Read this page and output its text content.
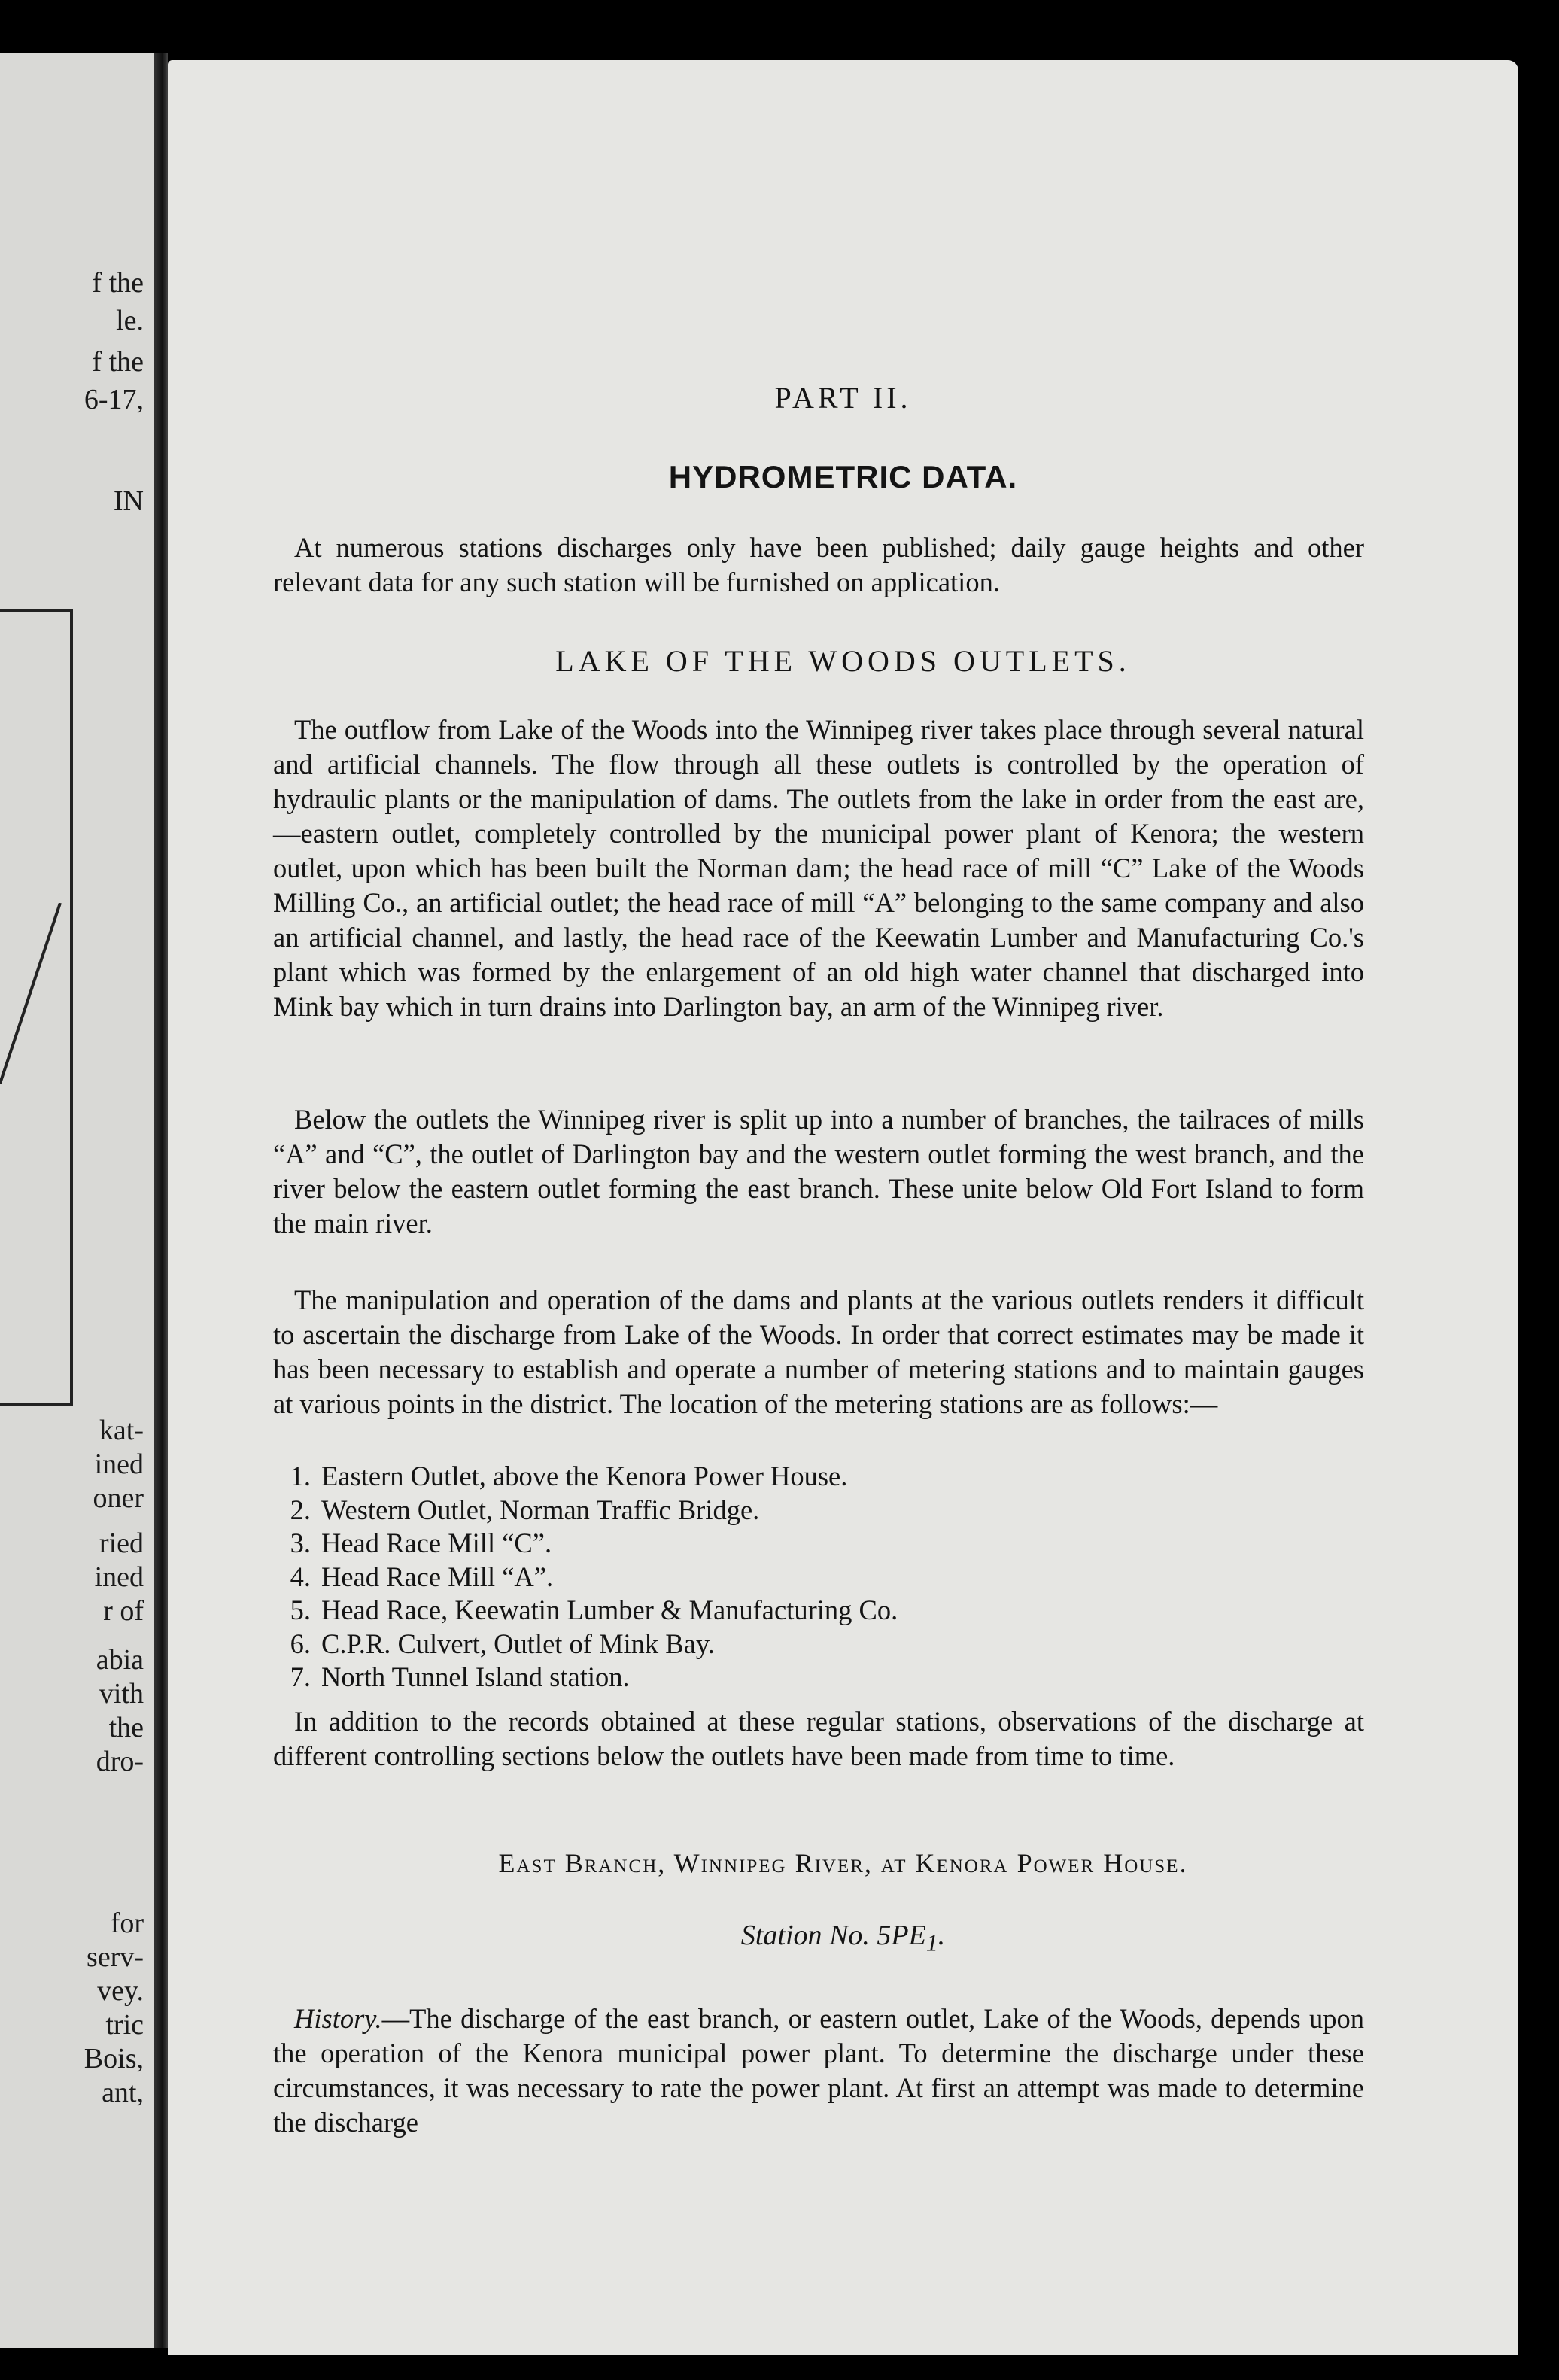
f the
le.
f the
6-17,
IN
kat-
ined
oner
ried
ined
r of
abia
vith
the
dro-
for
serv-
vey.
tric
Bois,
ant,
PART II.
HYDROMETRIC DATA.

At numerous stations discharges only have been published; daily gauge heights and other relevant data for any such station will be furnished on application.

LAKE OF THE WOODS OUTLETS.

The outflow from Lake of the Woods into the Winnipeg river takes place through several natural and artificial channels. The flow through all these outlets is controlled by the operation of hydraulic plants or the manipulation of dams. The outlets from the lake in order from the east are,—eastern outlet, completely controlled by the municipal power plant of Kenora; the western outlet, upon which has been built the Norman dam; the head race of mill “C” Lake of the Woods Milling Co., an artificial outlet; the head race of mill “A” belonging to the same company and also an artificial channel, and lastly, the head race of the Keewatin Lumber and Manufacturing Co.'s plant which was formed by the enlargement of an old high water channel that discharged into Mink bay which in turn drains into Darlington bay, an arm of the Winnipeg river.

Below the outlets the Winnipeg river is split up into a number of branches, the tailraces of mills “A” and “C”, the outlet of Darlington bay and the western outlet forming the west branch, and the river below the eastern outlet forming the east branch. These unite below Old Fort Island to form the main river.

The manipulation and operation of the dams and plants at the various outlets renders it difficult to ascertain the discharge from Lake of the Woods. In order that correct estimates may be made it has been necessary to establish and operate a number of metering stations and to maintain gauges at various points in the district. The location of the metering stations are as follows:—

1. Eastern Outlet, above the Kenora Power House.
2. Western Outlet, Norman Traffic Bridge.
3. Head Race Mill “C”.
4. Head Race Mill “A”.
5. Head Race, Keewatin Lumber & Manufacturing Co.
6. C.P.R. Culvert, Outlet of Mink Bay.
7. North Tunnel Island station.

In addition to the records obtained at these regular stations, observations of the discharge at different controlling sections below the outlets have been made from time to time.

East Branch, Winnipeg River, at Kenora Power House.
Station No. $5PE_1$.

History.—The discharge of the east branch, or eastern outlet, Lake of the Woods, depends upon the operation of the Kenora municipal power plant. To determine the discharge under these circumstances, it was necessary to rate the power plant. At first an attempt was made to determine the discharge
